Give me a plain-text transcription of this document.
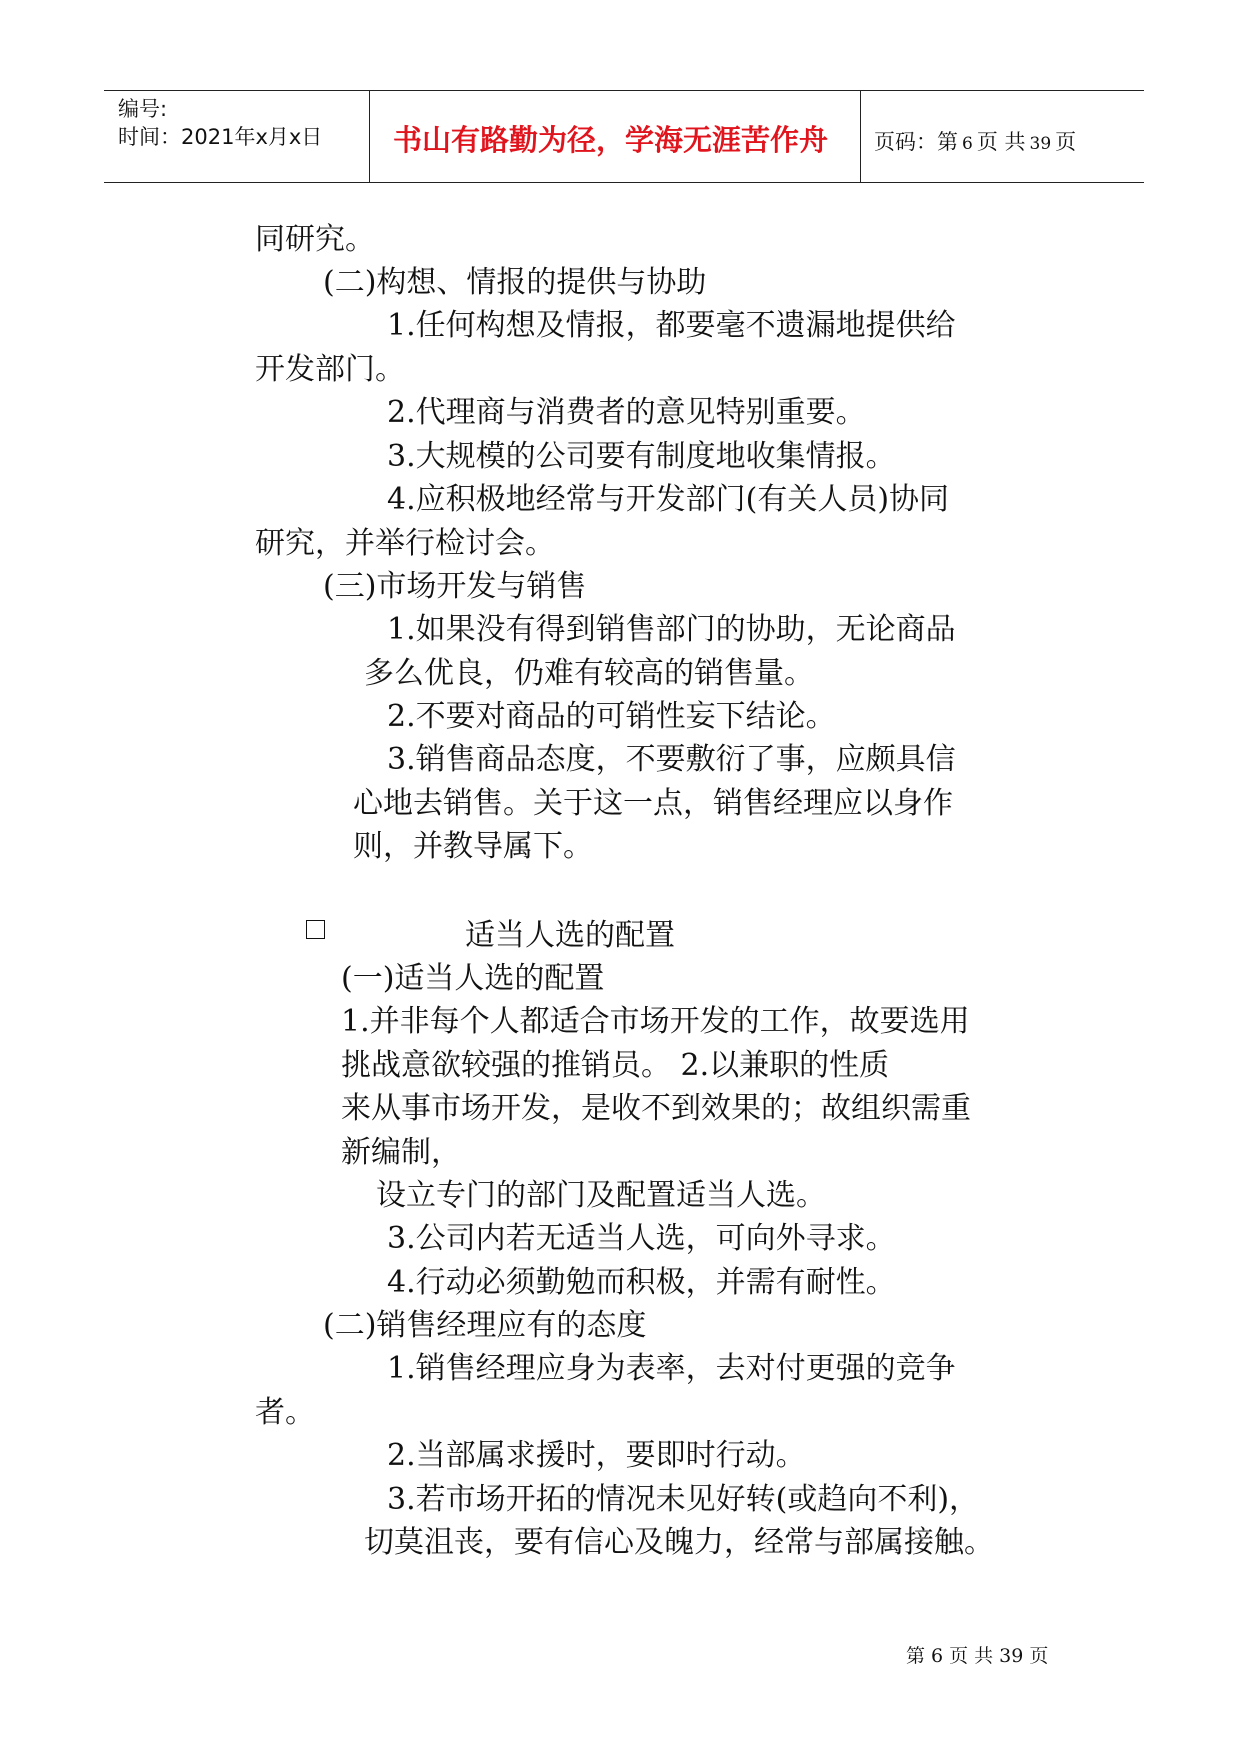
编号:
时间：2021年x月x日 书山有路勤为径，学海无涯苦作舟 页码：第 6 页 共 39 页
同研究。
(二)构想、情报的提供与协助
1.任何构想及情报，都要毫不遗漏地提供给
开发部门。
2.代理商与消费者的意见特别重要。
3.大规模的公司要有制度地收集情报。
4.应积极地经常与开发部门(有关人员)协同
研究，并举行检讨会。
(三)市场开发与销售
1.如果没有得到销售部门的协助，无论商品
多么优良，仍难有较高的销售量。
2.不要对商品的可销性妄下结论。
3.销售商品态度，不要敷衍了事，应颇具信
心地去销售。关于这一点，销售经理应以身作
则，并教导属下。
适当人选的配置
(一)适当人选的配置
1.并非每个人都适合市场开发的工作，故要选用
挑战意欲较强的推销员。 2.以兼职的性质
来从事市场开发，是收不到效果的；故组织需重
新编制，
设立专门的部门及配置适当人选。
3.公司内若无适当人选，可向外寻求。
4.行动必须勤勉而积极，并需有耐性。
(二)销售经理应有的态度
1.销售经理应身为表率，去对付更强的竞争
者。
2.当部属求援时，要即时行动。
3.若市场开拓的情况未见好转(或趋向不利)，
切莫沮丧，要有信心及魄力，经常与部属接触。
第 6 页 共 39 页
